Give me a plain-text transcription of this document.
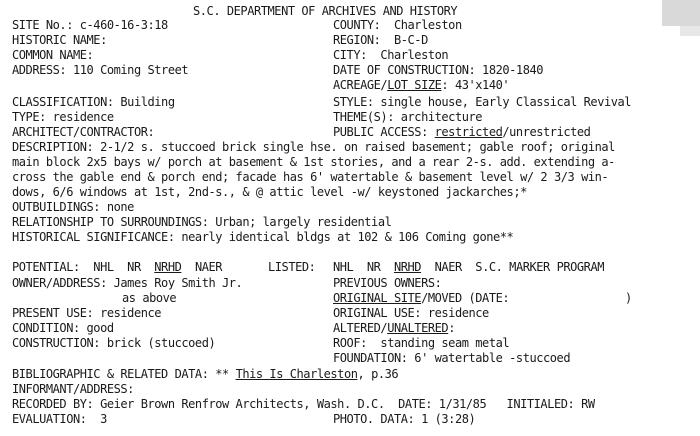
S.C. DEPARTMENT OF ARCHIVES AND HISTORY
SITE No.: c-460-16-3:18	COUNTY:  Charleston
HISTORIC NAME:	REGION:  B-C-D
COMMON NAME:	CITY:  Charleston
ADDRESS: 110 Coming Street	DATE OF CONSTRUCTION: 1820-1840
ACREAGE/LOT SIZE: 43'x140'
CLASSIFICATION: Building	STYLE: single house, Early Classical Revival
TYPE: residence	THEME(S): architecture
ARCHITECT/CONTRACTOR:	PUBLIC ACCESS: restricted/unrestricted
DESCRIPTION: 2-1/2 s. stuccoed brick single hse. on raised basement; gable roof; original
main block 2x5 bays w/ porch at basement & 1st stories, and a rear 2-s. add. extending a-
cross the gable end & porch end; facade has 6' watertable & basement level w/ 2 3/3 win-
dows, 6/6 windows at 1st, 2nd-s., & @ attic level -w/ keystoned jackarches;*
OUTBUILDINGS: none
RELATIONSHIP TO SURROUNDINGS: Urban; largely residential
HISTORICAL SIGNIFICANCE: nearly identical bldgs at 102 & 106 Coming gone**
POTENTIAL:  NHL  NR  NRHD  NAER	LISTED: NHL  NR  NRHD  NAER  S.C. MARKER PROGRAM
OWNER/ADDRESS: James Roy Smith Jr.	PREVIOUS OWNERS:
as above	ORIGINAL SITE/MOVED (DATE:	)
PRESENT USE: residence	ORIGINAL USE: residence
CONDITION: good	ALTERED/UNALTERED:
CONSTRUCTION: brick (stuccoed)	ROOF:  standing seam metal
FOUNDATION: 6' watertable -stuccoed
BIBLIOGRAPHIC & RELATED DATA: ** This Is Charleston, p.36
INFORMANT/ADDRESS:
RECORDED BY: Geier Brown Renfrow Architects, Wash. D.C.  DATE: 1/31/85   INITIALED: RW
EVALUATION:  3	PHOTO. DATA: 1 (3:28)
